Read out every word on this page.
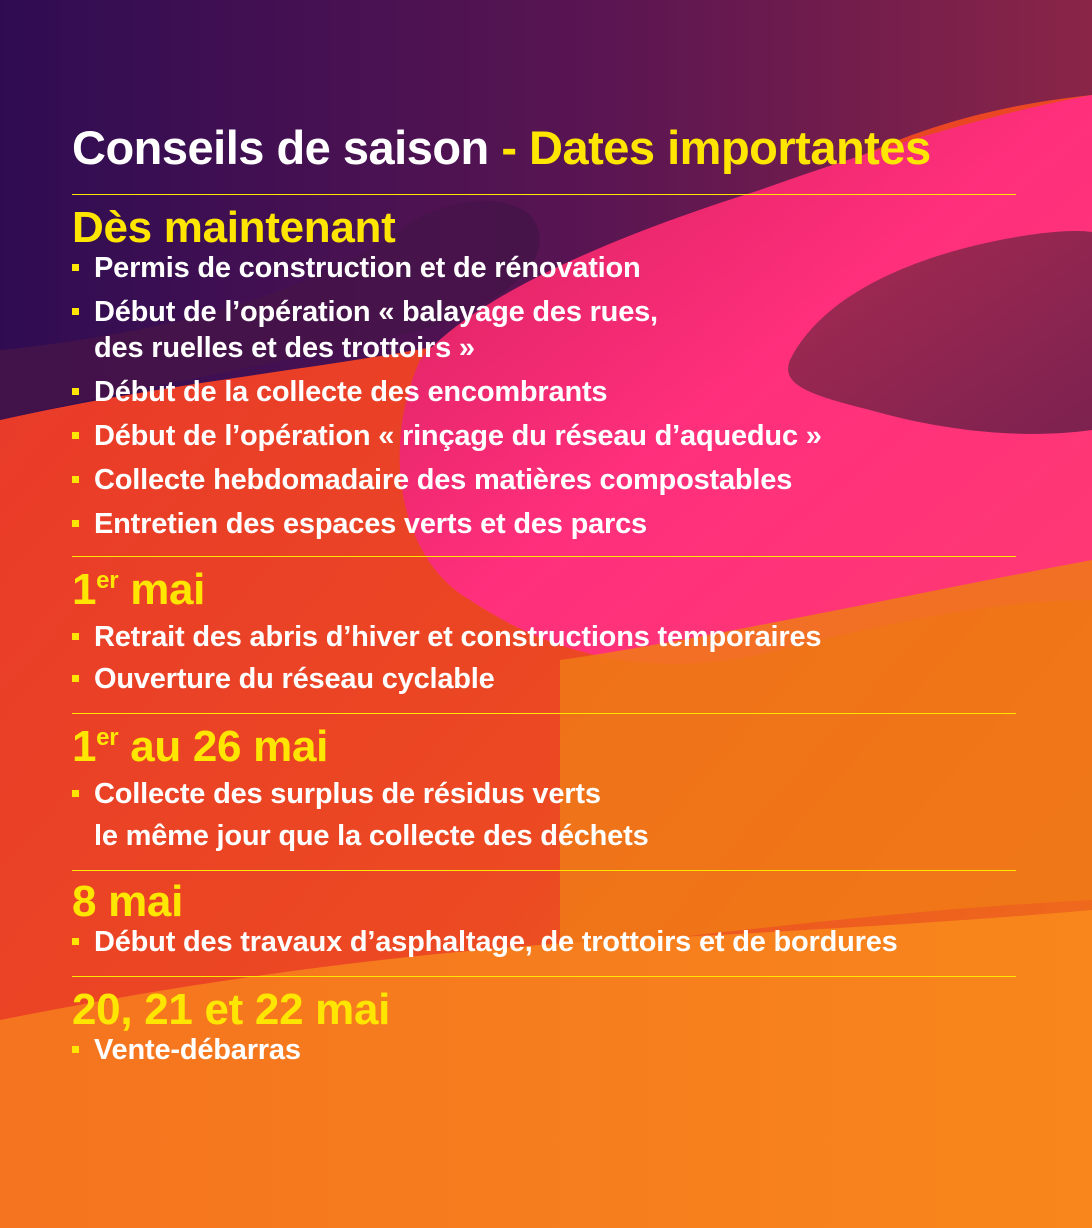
Conseils de saison - Dates importantes
Dès maintenant
Permis de construction et de rénovation
Début de l’opération « balayage des rues,
des ruelles et des trottoirs »
Début de la collecte des encombrants
Début de l’opération « rinçage du réseau d’aqueduc »
Collecte hebdomadaire des matières compostables
Entretien des espaces verts et des parcs
1er mai
Retrait des abris d’hiver et constructions temporaires
Ouverture du réseau cyclable
1er au 26 mai
Collecte des surplus de résidus verts
le même jour que la collecte des déchets
8 mai
Début des travaux d’asphaltage, de trottoirs et de bordures
20, 21 et 22 mai
Vente-débarras
